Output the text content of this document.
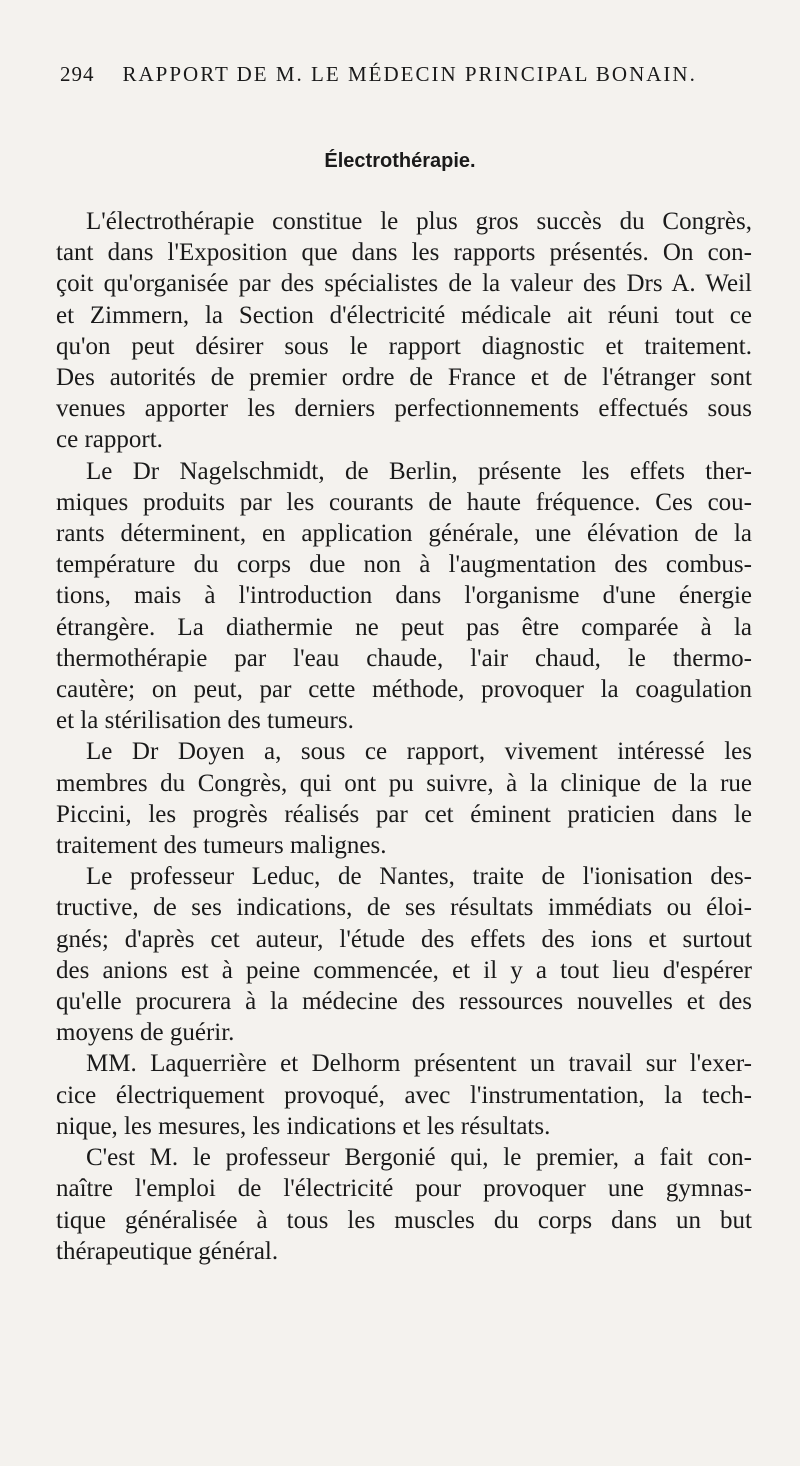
294 RAPPORT DE M. LE MÉDECIN PRINCIPAL BONAIN.
Électrothérapie.
L'électrothérapie constitue le plus gros succès du Congrès,
tant dans l'Exposition que dans les rapports présentés. On con-
çoit qu'organisée par des spécialistes de la valeur des Drs A. Weil
et Zimmern, la Section d'électricité médicale ait réuni tout ce
qu'on peut désirer sous le rapport diagnostic et traitement.
Des autorités de premier ordre de France et de l'étranger sont
venues apporter les derniers perfectionnements effectués sous
ce rapport.
Le Dr Nagelschmidt, de Berlin, présente les effets ther-
miques produits par les courants de haute fréquence. Ces cou-
rants déterminent, en application générale, une élévation de la
température du corps due non à l'augmentation des combus-
tions, mais à l'introduction dans l'organisme d'une énergie
étrangère. La diathermie ne peut pas être comparée à la
thermothérapie par l'eau chaude, l'air chaud, le thermo-
cautère; on peut, par cette méthode, provoquer la coagulation
et la stérilisation des tumeurs.
Le Dr Doyen a, sous ce rapport, vivement intéressé les
membres du Congrès, qui ont pu suivre, à la clinique de la rue
Piccini, les progrès réalisés par cet éminent praticien dans le
traitement des tumeurs malignes.
Le professeur Leduc, de Nantes, traite de l'ionisation des-
tructive, de ses indications, de ses résultats immédiats ou éloi-
gnés; d'après cet auteur, l'étude des effets des ions et surtout
des anions est à peine commencée, et il y a tout lieu d'espérer
qu'elle procurera à la médecine des ressources nouvelles et des
moyens de guérir.
MM. Laquerrière et Delhorm présentent un travail sur l'exer-
cice électriquement provoqué, avec l'instrumentation, la tech-
nique, les mesures, les indications et les résultats.
C'est M. le professeur Bergonié qui, le premier, a fait con-
naître l'emploi de l'électricité pour provoquer une gymnas-
tique généralisée à tous les muscles du corps dans un but
thérapeutique général.
